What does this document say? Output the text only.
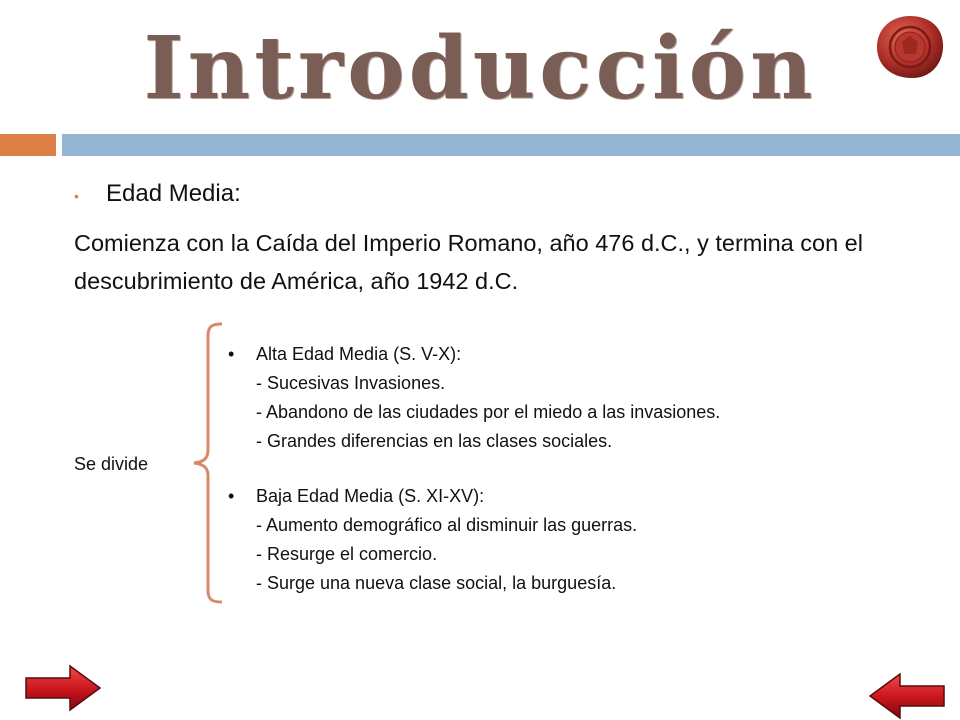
Introducción
• Edad Media:
Comienza con la Caída del Imperio Romano, año 476 d.C., y termina con el descubrimiento de América, año 1942 d.C.
Se divide
• Alta Edad Media (S. V-X):
- Sucesivas Invasiones.
- Abandono de las ciudades por el miedo a las invasiones.
- Grandes diferencias en las clases sociales.
• Baja Edad Media (S. XI-XV):
- Aumento demográfico al disminuir las guerras.
- Resurge el comercio.
- Surge una nueva clase social, la burguesía.
